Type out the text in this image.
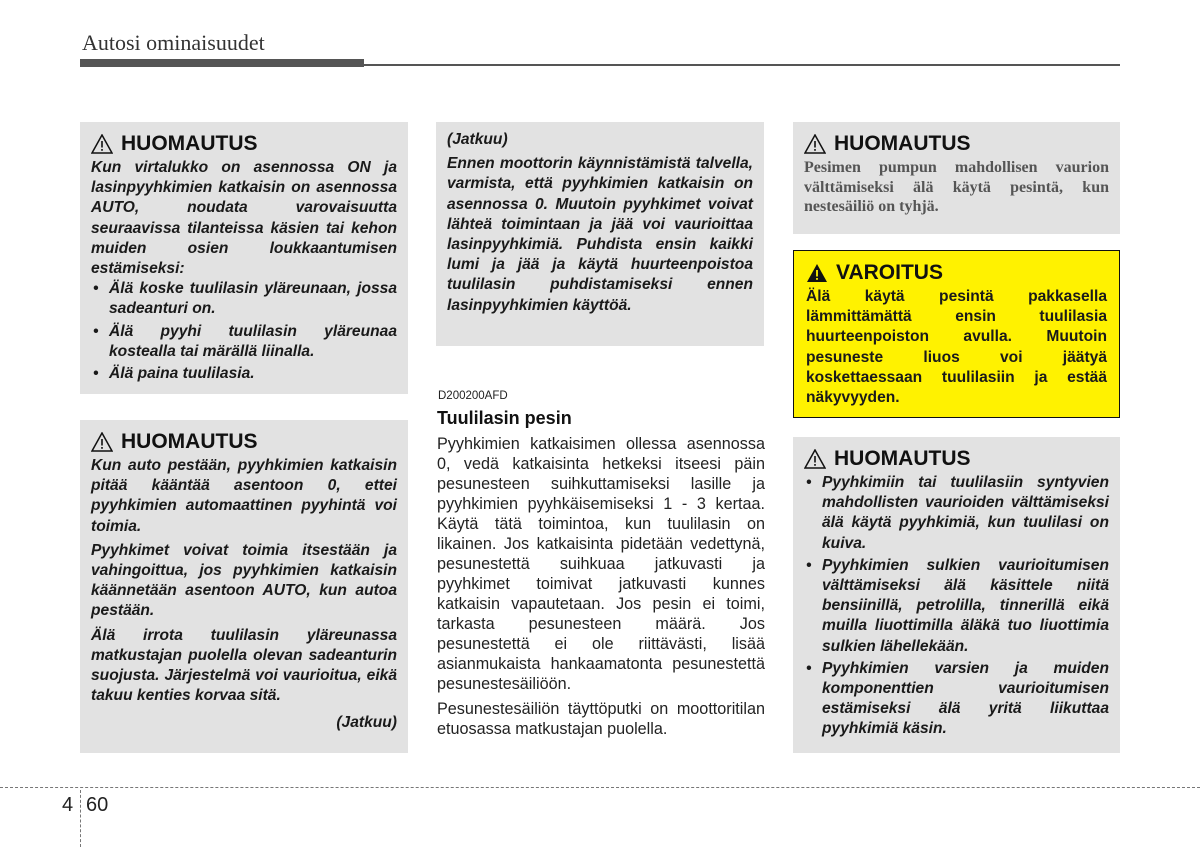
Autosi ominaisuudet
HUOMAUTUS

Kun virtalukko on asennossa ON ja lasinpyyhkimien katkaisin on asennossa AUTO, noudata varovaisuutta seuraavissa tilanteissa käsien tai kehon muiden osien loukkaantumisen estämiseksi:

• Älä koske tuulilasin yläreunaan, jossa sadeanturi on.
• Älä pyyhi tuulilasin yläreunaa kostealla tai märällä liinalla.
• Älä paina tuulilasia.
HUOMAUTUS

Kun auto pestään, pyyhkimien katkaisin pitää kääntää asentoon 0, ettei pyyhkimien automaattinen pyyhintä voi toimia.

Pyyhkimet voivat toimia itsestään ja vahingoittua, jos pyyhkimien katkaisin käännetään asentoon AUTO, kun autoa pestään.

Älä irrota tuulilasin yläreunassa matkustajan puolella olevan sadeanturin suojusta. Järjestelmä voi vaurioitua, eikä takuu kenties korvaa sitä.

(Jatkuu)

(Jatkuu)

Ennen moottorin käynnistämistä talvella, varmista, että pyyhkimien katkaisin on asennossa 0. Muutoin pyyhkimet voivat lähteä toimintaan ja jää voi vaurioittaa lasinpyyhkimiä. Puhdista ensin kaikki lumi ja jää ja käytä huurteenpoistoa tuulilasin puhdistamiseksi ennen lasinpyyhkimien käyttöä.

D200200AFD
Tuulilasin pesin

Pyyhkimien katkaisimen ollessa asennossa 0, vedä katkaisinta hetkeksi itseesi päin pesunesteen suihkuttamiseksi lasille ja pyyhkimien pyyhkäisemiseksi 1 - 3 kertaa. Käytä tätä toimintoa, kun tuulilasin on likainen. Jos katkaisinta pidetään vedettynä, pesunestettä suihkuaa jatkuvasti ja pyyhkimet toimivat jatkuvasti kunnes katkaisin vapautetaan. Jos pesin ei toimi, tarkasta pesunesteen määrä. Jos pesunestettä ei ole riittävästi, lisää asianmukaista hankaamatonta pesunestettä pesunestesäiliöön.

Pesunestesäiliön täyttöputki on moottoritilan etuosassa matkustajan puolella.

HUOMAUTUS

Pesimen pumpun mahdollisen vaurion välttämiseksi älä käytä pesintä, kun nestesäiliö on tyhjä.

VAROITUS

Älä käytä pesintä pakkasella lämmittämättä ensin tuulilasia huurteenpoiston avulla. Muutoin pesuneste liuos voi jäätyä koskettaessaan tuulilasiin ja estää näkyvyyden.

HUOMAUTUS
• Pyyhkimiin tai tuulilasiin syntyvien mahdollisten vaurioiden välttämiseksi älä käytä pyyhkimiä, kun tuulilasi on kuiva.
• Pyyhkimien sulkien vaurioitumisen välttämiseksi älä käsittele niitä bensiinillä, petrolilla, tinnerillä eikä muilla liuottimilla äläkä tuo liuottimia sulkien lähellekään.
• Pyyhkimien varsien ja muiden komponenttien vaurioitumisen estämiseksi älä yritä liikuttaa pyyhkimiä käsin.
4 60
